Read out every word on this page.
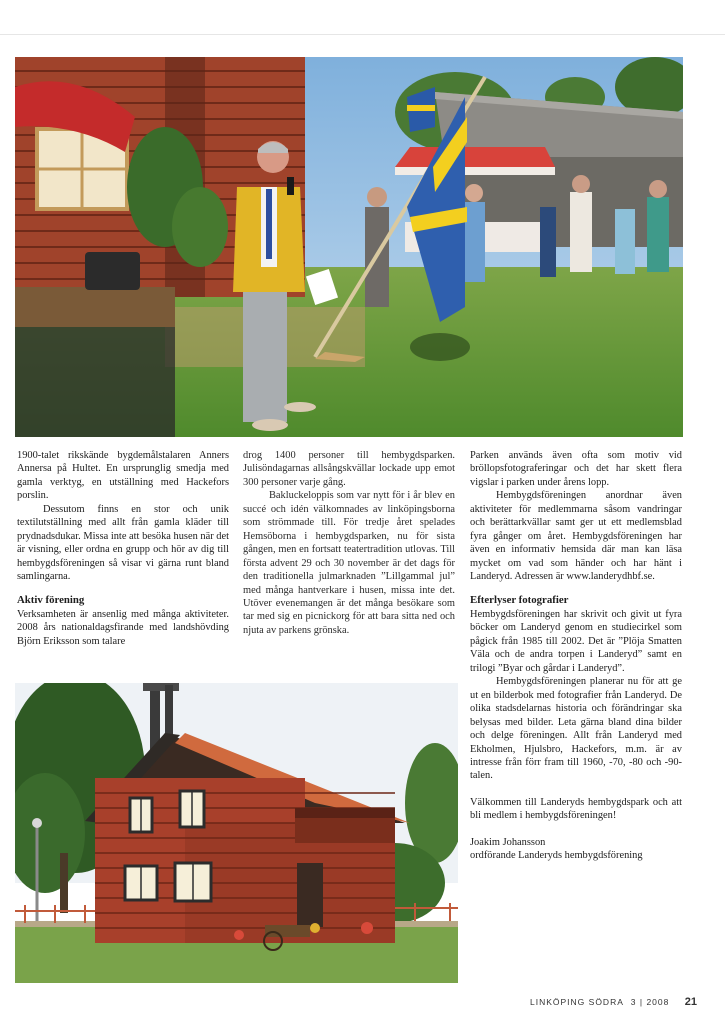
1900-talet rikskände bygdemålstalaren Anners Annersa på Hultet. En ursprunglig smedja med gamla verktyg, en utställning med Hackefors porslin.

Dessutom finns en stor och unik textilutställning med allt från gamla kläder till prydnadsdukar. Missa inte att besöka husen när det är visning, eller ordna en grupp och hör av dig till hembygdsföreningen så visar vi gärna runt bland samlingarna.

Aktiv förening

Verksamheten är ansenlig med många aktiviteter. 2008 års nationaldagsfirande med landshövding Björn Eriksson som talare

drog 1400 personer till hembygdsparken. Julisöndagarnas allsångskvällar lockade upp emot 300 personer varje gång.

Bakluckeloppis som var nytt för i år blev en succé och idén välkomnades av linköpingsborna som strömmade till. För tredje året spelades Hemsöborna i hembygdsparken, nu för sista gången, men en fortsatt teatertradition utlovas. Till första advent 29 och 30 november är det dags för den traditionella julmarknaden ”Lillgammal jul” med många hantverkare i husen, missa inte det. Utöver evenemangen är det många besökare som tar med sig en picnickorg för att bara sitta ned och njuta av parkens grönska.

Parken används även ofta som motiv vid bröllopsfotograferingar och det har skett flera vigslar i parken under årens lopp.

Hembygdsföreningen anordnar även aktiviteter för medlemmarna såsom vandringar och berättarkvällar samt ger ut ett medlemsblad fyra gånger om året. Hembygdsföreningen har även en informativ hemsida där man kan läsa mycket om vad som händer och har hänt i Landeryd. Adressen är www.landerydhbf.se.

Efterlyser fotografier

Hembygdsföreningen har skrivit och givit ut fyra böcker om Landeryd genom en studiecirkel som pågick från 1985 till 2002. Det är ”Plöja Smatten Väla och de andra torpen i Landeryd” samt en trilogi ”Byar och gårdar i Landeryd”.

Hembygdsföreningen planerar nu för att ge ut en bilderbok med fotografier från Landeryd. De olika stadsdelarnas historia och förändringar ska belysas med bilder. Leta gärna bland dina bilder och delge föreningen. Allt från Landeryd med Ekholmen, Hjulsbro, Hackefors, m.m. är av intresse från förr fram till 1960, -70, -80 och -90-talen.

Välkommen till Landeryds hembygdspark och att bli medlem i hembygdsföreningen!

Joakim Johansson

ordförande Landeryds hembygdsförening

LINKÖPING SÖDRA 3 | 2008 21
